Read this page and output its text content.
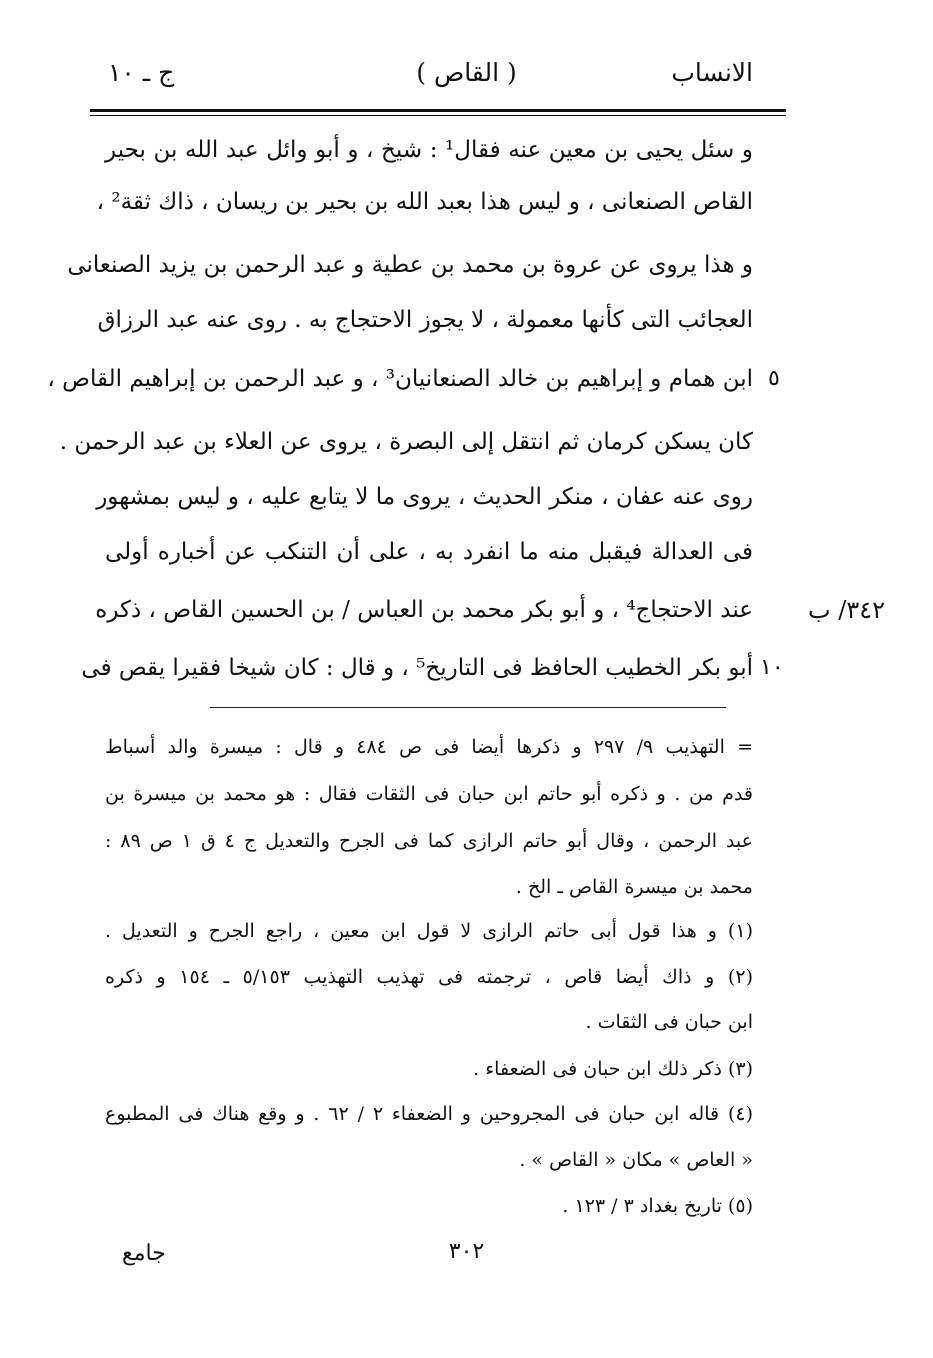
الانساب
( القاص )
ج ـ ١٠
و سئل يحيى بن معين عنه فقال¹ : شيخ ، و أبو وائل عبد الله بن بحير
القاص الصنعانى ، و ليس هذا بعبد الله بن بحير بن ريسان ، ذاك ثقة² ،
و هذا يروى عن عروة بن محمد بن عطية و عبد الرحمن بن يزيد الصنعانى
العجائب التى كأنها معمولة ، لا يجوز الاحتجاج به . روى عنه عبد الرزاق
ابن همام و إبراهيم بن خالد الصنعانيان³ ، و عبد الرحمن بن إبراهيم القاص ،
كان يسكن كرمان ثم انتقل إلى البصرة ، يروى عن العلاء بن عبد الرحمن .
روى عنه عفان ، منكر الحديث ، يروى ما لا يتابع عليه ، و ليس بمشهور
فى العدالة فيقبل منه ما انفرد به ، على أن التنكب عن أخباره أولى
عند الاحتجاج⁴ ، و أبو بكر محمد بن العباس / بن الحسين القاص ، ذكره
أبو بكر الخطيب الحافظ فى التاريخ⁵ ، و قال : كان شيخا فقيرا يقص فى
٥
١٠
٣٤٢/ ب
= التهذيب ٩/ ٢٩٧ و ذكرها أيضا فى ص ٤٨٤ و قال : ميسرة والد أسباط
قدم من . و ذكره أبو حاتم ابن حبان فى الثقات فقال : هو محمد بن ميسرة بن
عبد الرحمن ، وقال أبو حاتم الرازى كما فى الجرح والتعديل ج ٤ ق ١ ص ٨٩ :
محمد بن ميسرة القاص ـ الخ .
(١) و هذا قول أبى حاتم الرازى لا قول ابن معين ، راجع الجرح و التعديل .
(٢) و ذاك أيضا قاص ، ترجمته فى تهذيب التهذيب ٥/١٥٣ ـ ١٥٤ و ذكره
ابن حبان فى الثقات .
(٣) ذكر ذلك ابن حبان فى الضعفاء .
(٤) قاله ابن حبان فى المجروحين و الضعفاء ٢ / ٦٢ . و وقع هناك فى المطبوع
« العاص » مكان « القاص » .
(٥) تاريخ بغداد ٣ / ١٢٣ .
٣٠٢
جامع
